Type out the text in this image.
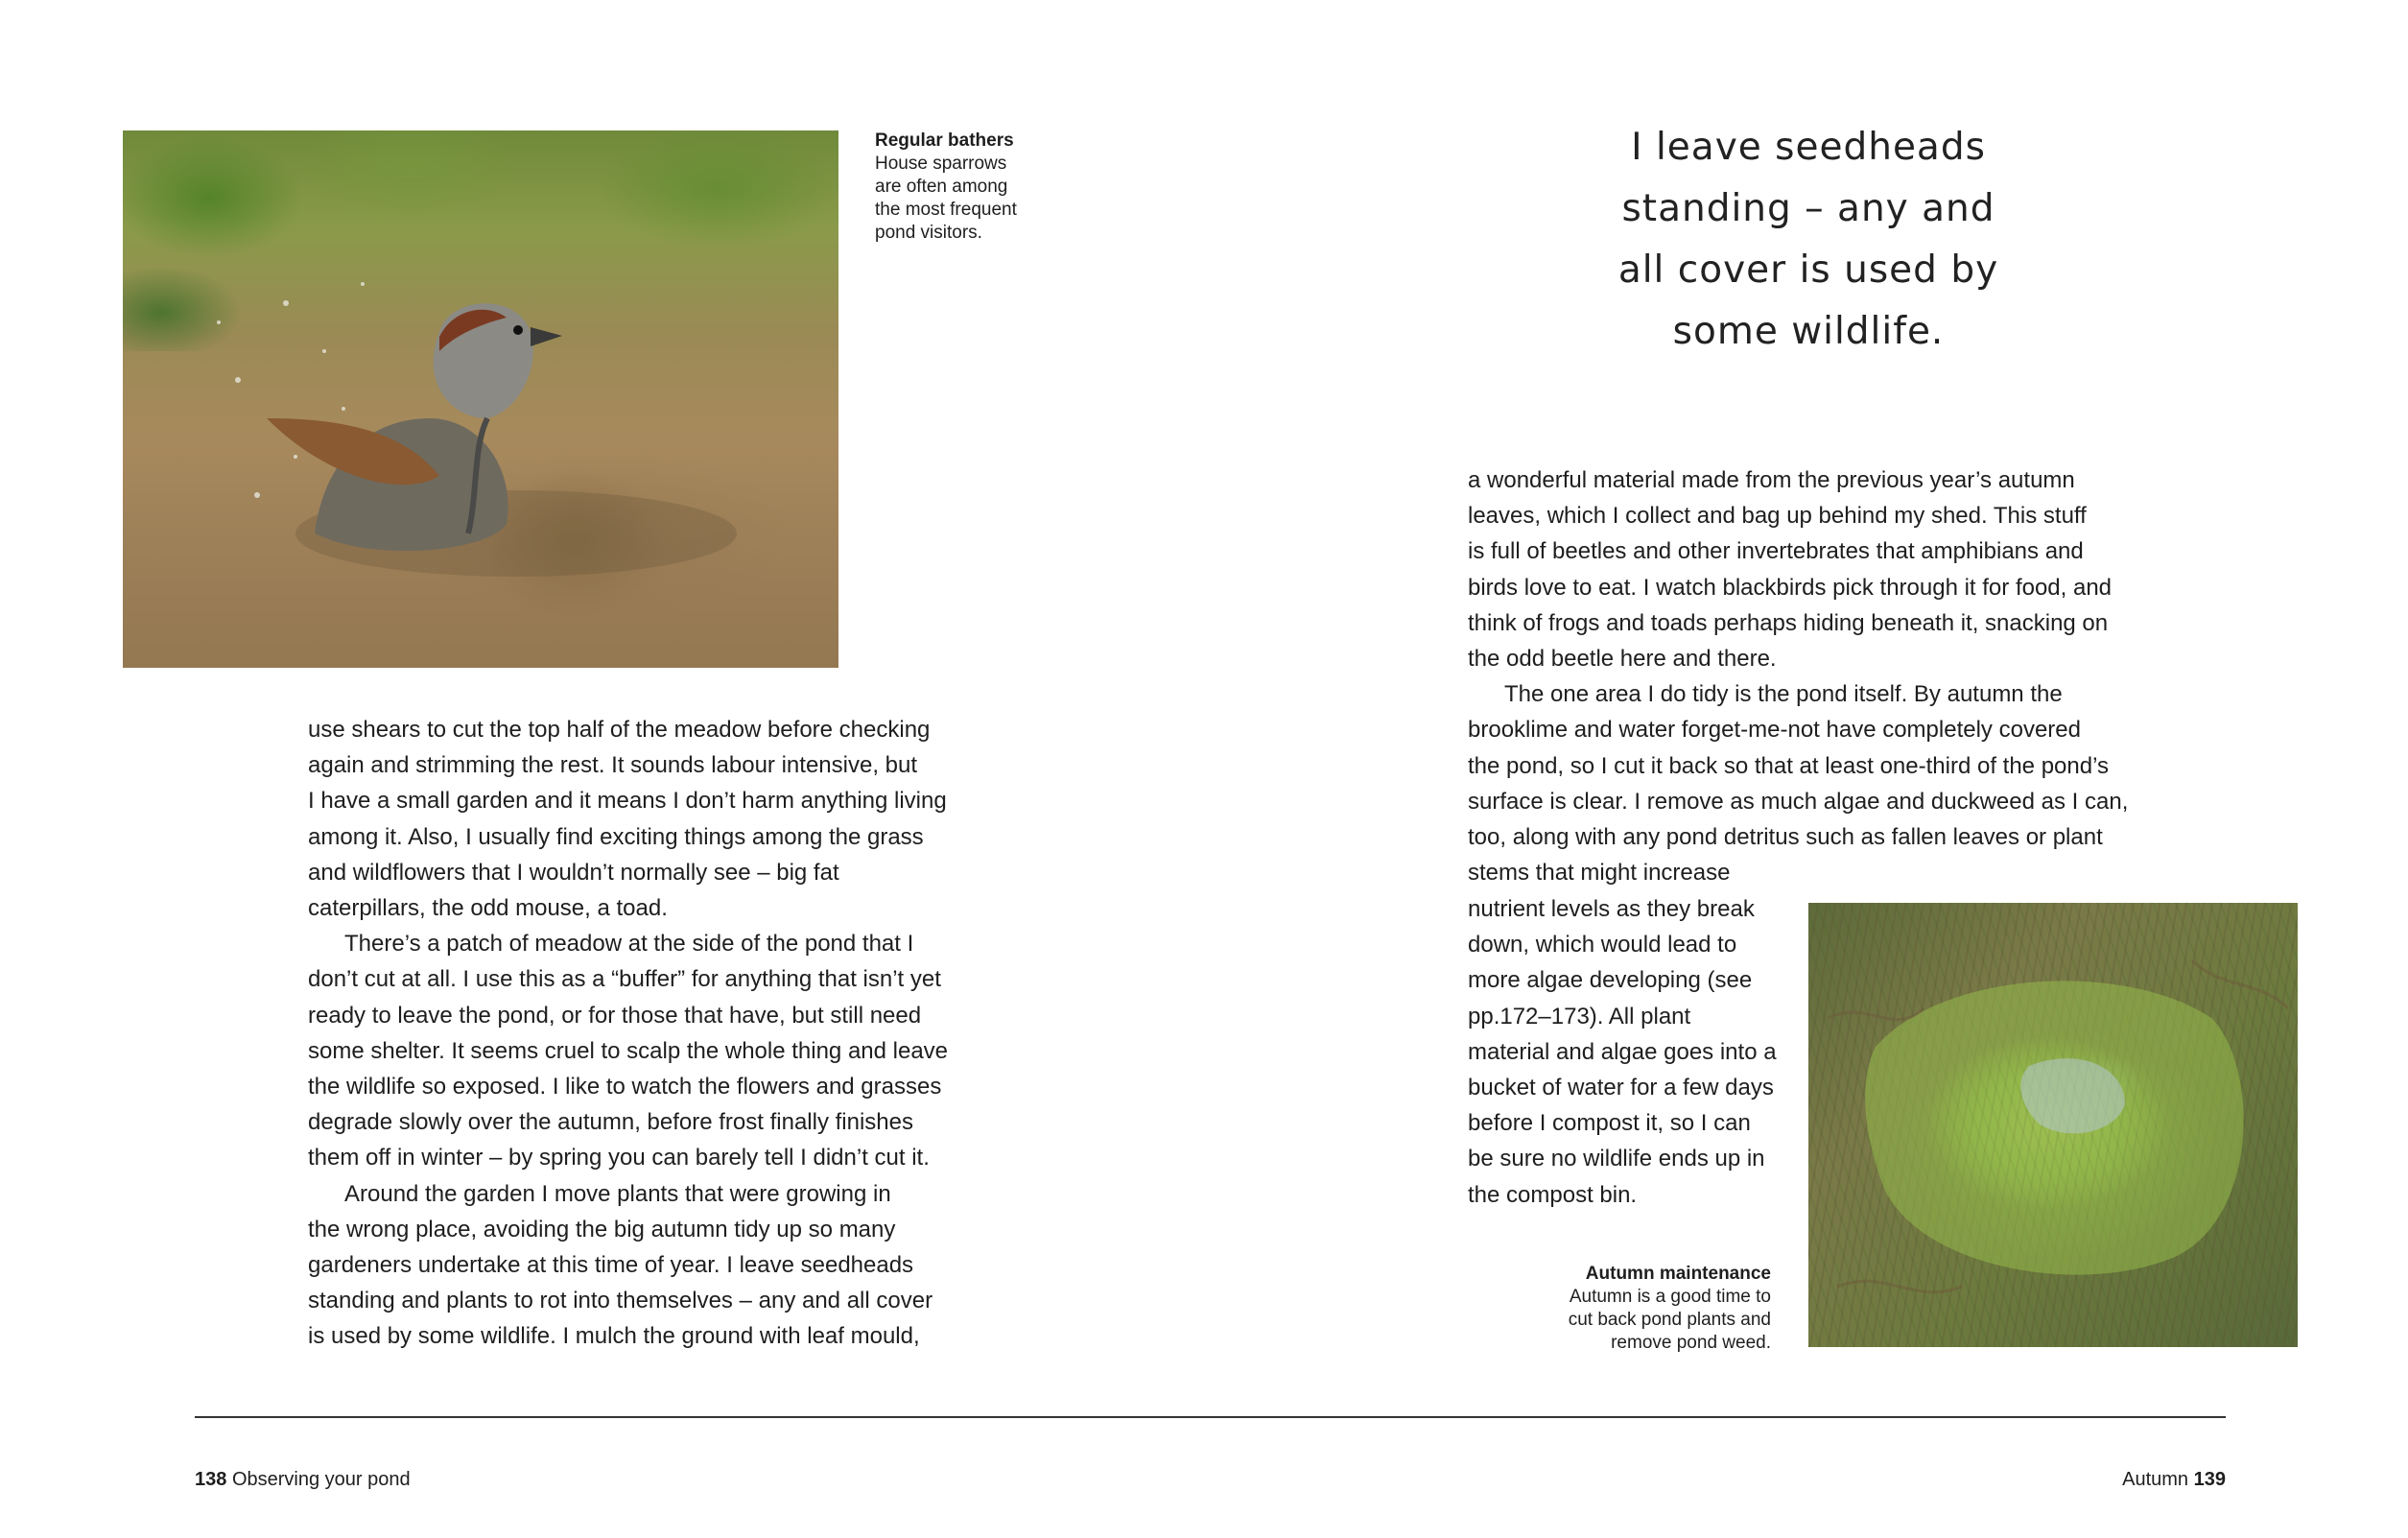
Regular bathers
House sparrows
are often among
the most frequent
pond visitors.

use shears to cut the top half of the meadow before checking

again and strimming the rest. It sounds labour intensive, but

I have a small garden and it means I don’t harm anything living

among it. Also, I usually find exciting things among the grass

and wildflowers that I wouldn’t normally see – big fat

caterpillars, the odd mouse, a toad.

There’s a patch of meadow at the side of the pond that I

don’t cut at all. I use this as a “buffer” for anything that isn’t yet

ready to leave the pond, or for those that have, but still need

some shelter. It seems cruel to scalp the whole thing and leave

the wildlife so exposed. I like to watch the flowers and grasses

degrade slowly over the autumn, before frost finally finishes

them off in winter – by spring you can barely tell I didn’t cut it.

Around the garden I move plants that were growing in

the wrong place, avoiding the big autumn tidy up so many

gardeners undertake at this time of year. I leave seedheads

standing and plants to rot into themselves – any and all cover

is used by some wildlife. I mulch the ground with leaf mould,

I leave seedheads
standing – any and
all cover is used by
some wildlife.

a wonderful material made from the previous year’s autumn

leaves, which I collect and bag up behind my shed. This stuff

is full of beetles and other invertebrates that amphibians and

birds love to eat. I watch blackbirds pick through it for food, and

think of frogs and toads perhaps hiding beneath it, snacking on

the odd beetle here and there.

The one area I do tidy is the pond itself. By autumn the

brooklime and water forget-me-not have completely covered

the pond, so I cut it back so that at least one-third of the pond’s

surface is clear. I remove as much algae and duckweed as I can,

too, along with any pond detritus such as fallen leaves or plant

stems that might increase

nutrient levels as they break

down, which would lead to

more algae developing (see

pp.172–173). All plant

material and algae goes into a

bucket of water for a few days

before I compost it, so I can

be sure no wildlife ends up in

the compost bin.

Autumn maintenance
Autumn is a good time to
cut back pond plants and
remove pond weed.
138 Observing your pond	Autumn 139
